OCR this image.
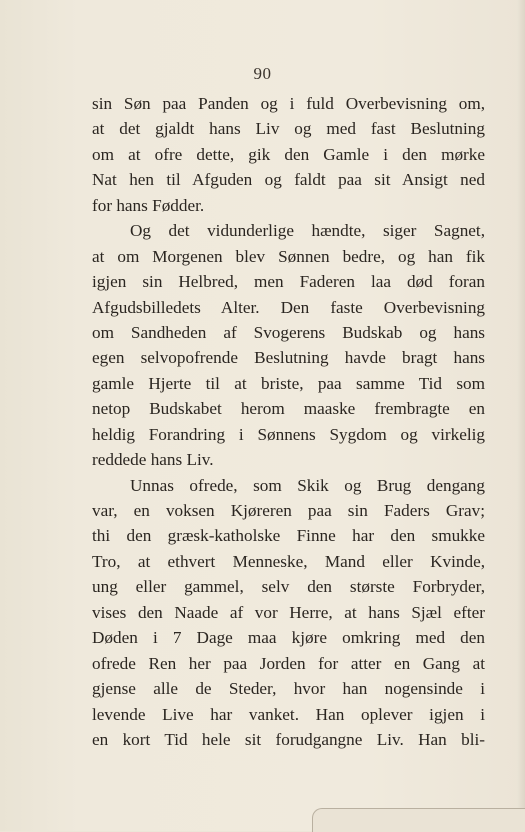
90
sin Søn paa Panden og i fuld Overbevisning om,
at det gjaldt hans Liv og med fast Beslutning
om at ofre dette, gik den Gamle i den mørke
Nat hen til Afguden og faldt paa sit Ansigt ned
for hans Fødder.
Og det vidunderlige hændte, siger Sagnet,
at om Morgenen blev Sønnen bedre, og han fik
igjen sin Helbred, men Faderen laa død foran
Afgudsbilledets Alter. Den faste Overbevisning
om Sandheden af Svogerens Budskab og hans
egen selvopofrende Beslutning havde bragt hans
gamle Hjerte til at briste, paa samme Tid som
netop Budskabet herom maaske frembragte en
heldig Forandring i Sønnens Sygdom og virkelig
reddede hans Liv.
Unnas ofrede, som Skik og Brug dengang
var, en voksen Kjøreren paa sin Faders Grav;
thi den græsk-katholske Finne har den smukke
Tro, at ethvert Menneske, Mand eller Kvinde,
ung eller gammel, selv den største Forbryder,
vises den Naade af vor Herre, at hans Sjæl efter
Døden i 7 Dage maa kjøre omkring med den
ofrede Ren her paa Jorden for atter en Gang at
gjense alle de Steder, hvor han nogensinde i
levende Live har vanket. Han oplever igjen i
en kort Tid hele sit forudgangne Liv. Han bli-
